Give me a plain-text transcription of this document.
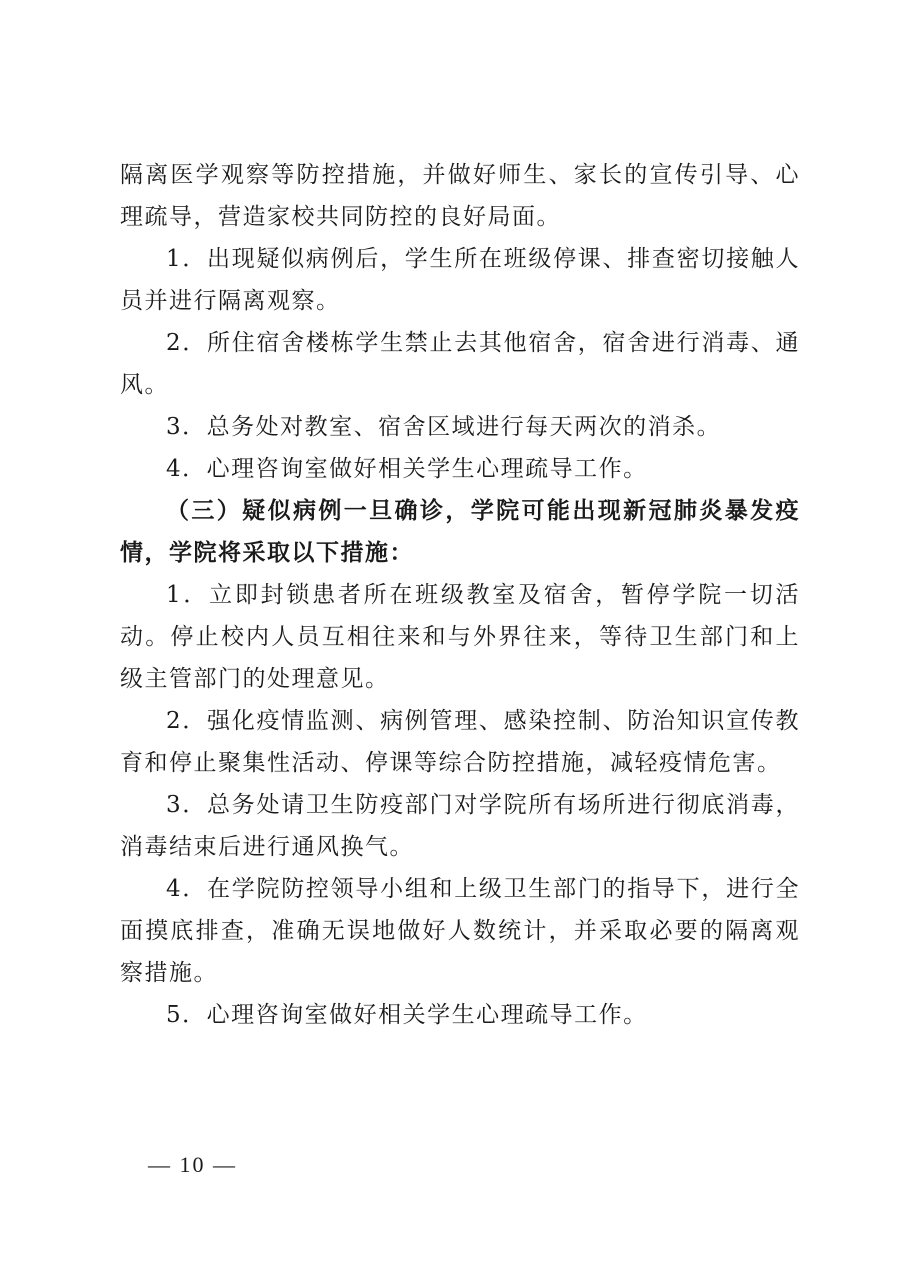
隔离医学观察等防控措施，并做好师生、家长的宣传引导、心理疏导，营造家校共同防控的良好局面。

1．出现疑似病例后，学生所在班级停课、排查密切接触人员并进行隔离观察。

2．所住宿舍楼栋学生禁止去其他宿舍，宿舍进行消毒、通风。

3．总务处对教室、宿舍区域进行每天两次的消杀。

4．心理咨询室做好相关学生心理疏导工作。

（三）疑似病例一旦确诊，学院可能出现新冠肺炎暴发疫情，学院将采取以下措施：

1．立即封锁患者所在班级教室及宿舍，暂停学院一切活动。停止校内人员互相往来和与外界往来，等待卫生部门和上级主管部门的处理意见。

2．强化疫情监测、病例管理、感染控制、防治知识宣传教育和停止聚集性活动、停课等综合防控措施，减轻疫情危害。

3．总务处请卫生防疫部门对学院所有场所进行彻底消毒，消毒结束后进行通风换气。

4．在学院防控领导小组和上级卫生部门的指导下，进行全面摸底排查，准确无误地做好人数统计，并采取必要的隔离观察措施。

5．心理咨询室做好相关学生心理疏导工作。

— 10 —
